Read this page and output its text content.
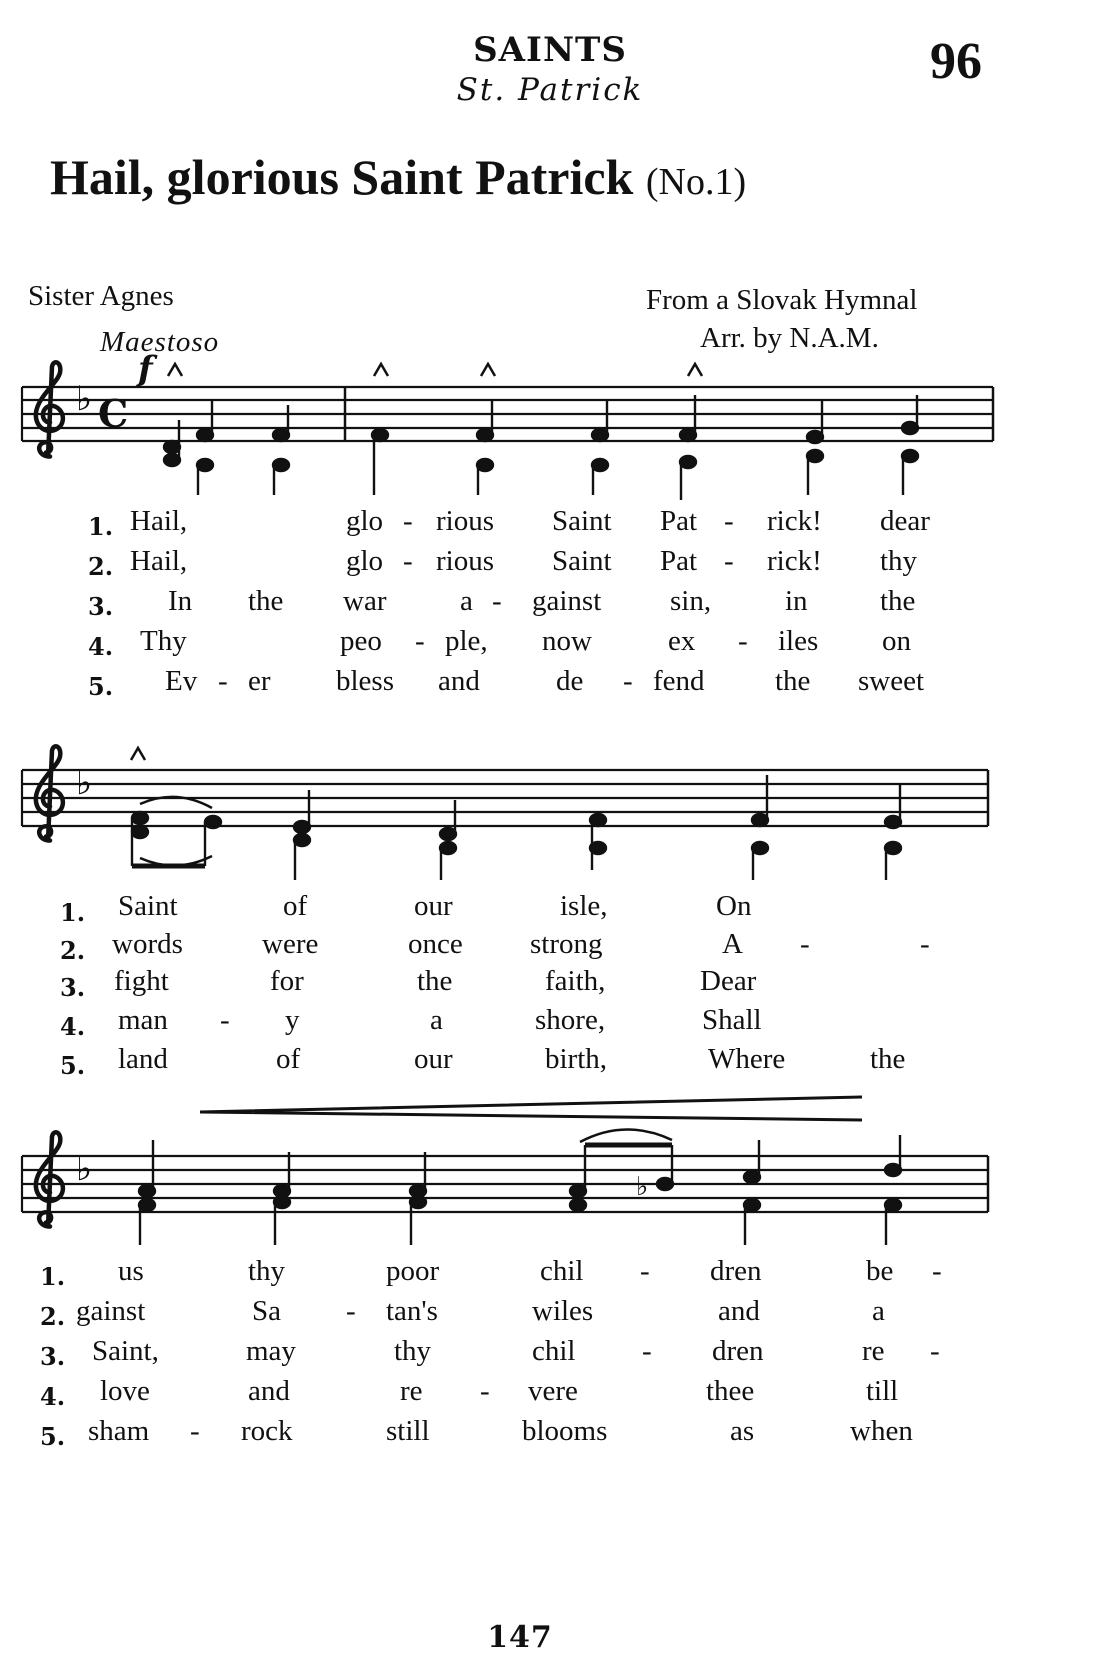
SAINTS
St. Patrick	96
Hail, glorious Saint Patrick (No.1)
Sister Agnes	From a Slovak Hymnal
Arr. by N.A.M.
Maestoso
♭ C
f
♭
♭	♭
1. Hail,	glo - rious Saint Pat - rick! dear
2. Hail,	glo - rious Saint Pat - rick! thy
3. In the war	a - gainst sin,	in the
4. Thy	peo - ple, now	ex - iles on
5. Ev - er bless and	de - fend the sweet
1. Saint	of	our	isle,	On
2. words	were	once strong	A -	-
3. fight	for	the	faith,	Dear
4. man - y	a	shore,	Shall
5. land	of	our	birth,	Where	the
1. us	thy	poor	chil - dren	be -
2. gainst	Sa - tan's	wiles	and	a
3. Saint,	may	thy	chil - dren	re -
4. love	and	re - vere	thee	till
5. sham - rock	still	blooms	as	when
147
